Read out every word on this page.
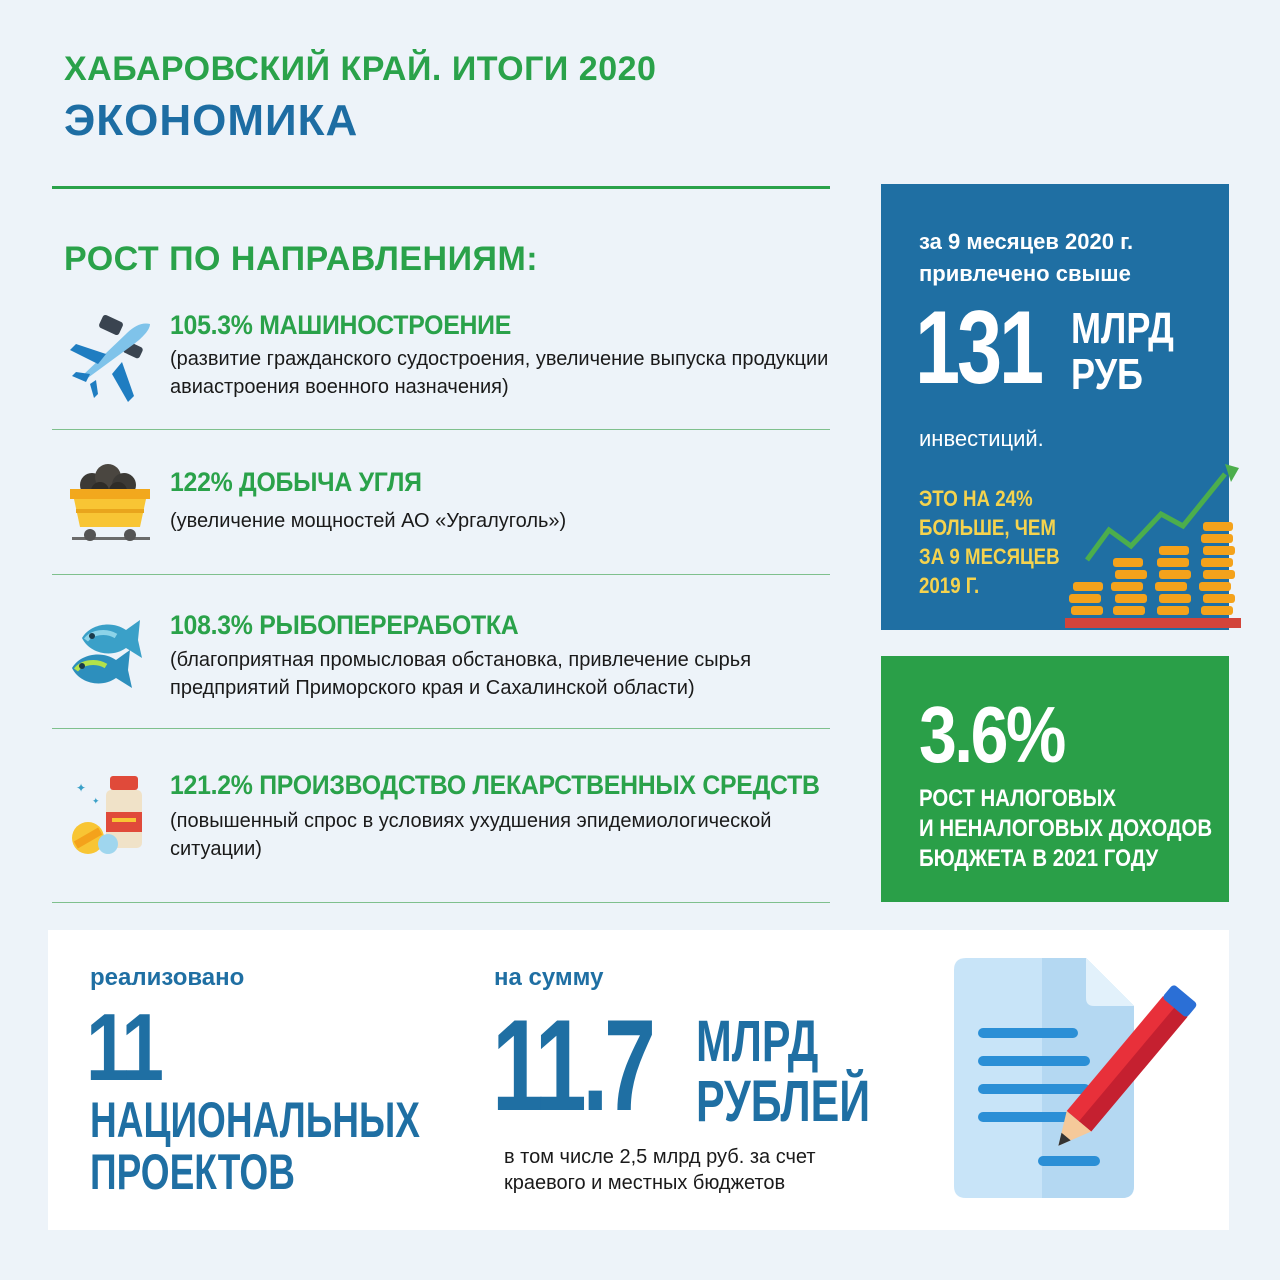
ХАБАРОВСКИЙ КРАЙ. ИТОГИ 2020
ЭКОНОМИКА
РОСТ ПО НАПРАВЛЕНИЯМ:
105.3% МАШИНОСТРОЕНИЕ
(развитие гражданского судостроения, увеличение выпуска продукции авиастроения военного назначения)
122% ДОБЫЧА УГЛЯ
(увеличение мощностей АО «Ургалуголь»)
108.3% РЫБОПЕРЕРАБОТКА
(благоприятная промысловая обстановка, привлечение сырья предприятий Приморского края и Сахалинской области)
✦
✦
121.2% ПРОИЗВОДСТВО ЛЕКАРСТВЕННЫХ СРЕДСТВ
(повышенный спрос в условиях ухудшения эпидемиологической ситуации)
за 9 месяцев 2020 г.
привлечено свыше
131 МЛРД
РУБ
инвестиций.
ЭТО НА 24%
БОЛЬШЕ, ЧЕМ
ЗА 9 МЕСЯЦЕВ
2019 Г.
3.6%
РОСТ НАЛОГОВЫХ
И НЕНАЛОГОВЫХ ДОХОДОВ
БЮДЖЕТА В 2021 ГОДУ
реализовано
11
НАЦИОНАЛЬНЫХ
ПРОЕКТОВ
на сумму
11.7 МЛРД
РУБЛЕЙ
в том числе 2,5 млрд руб. за счет
краевого и местных бюджетов
